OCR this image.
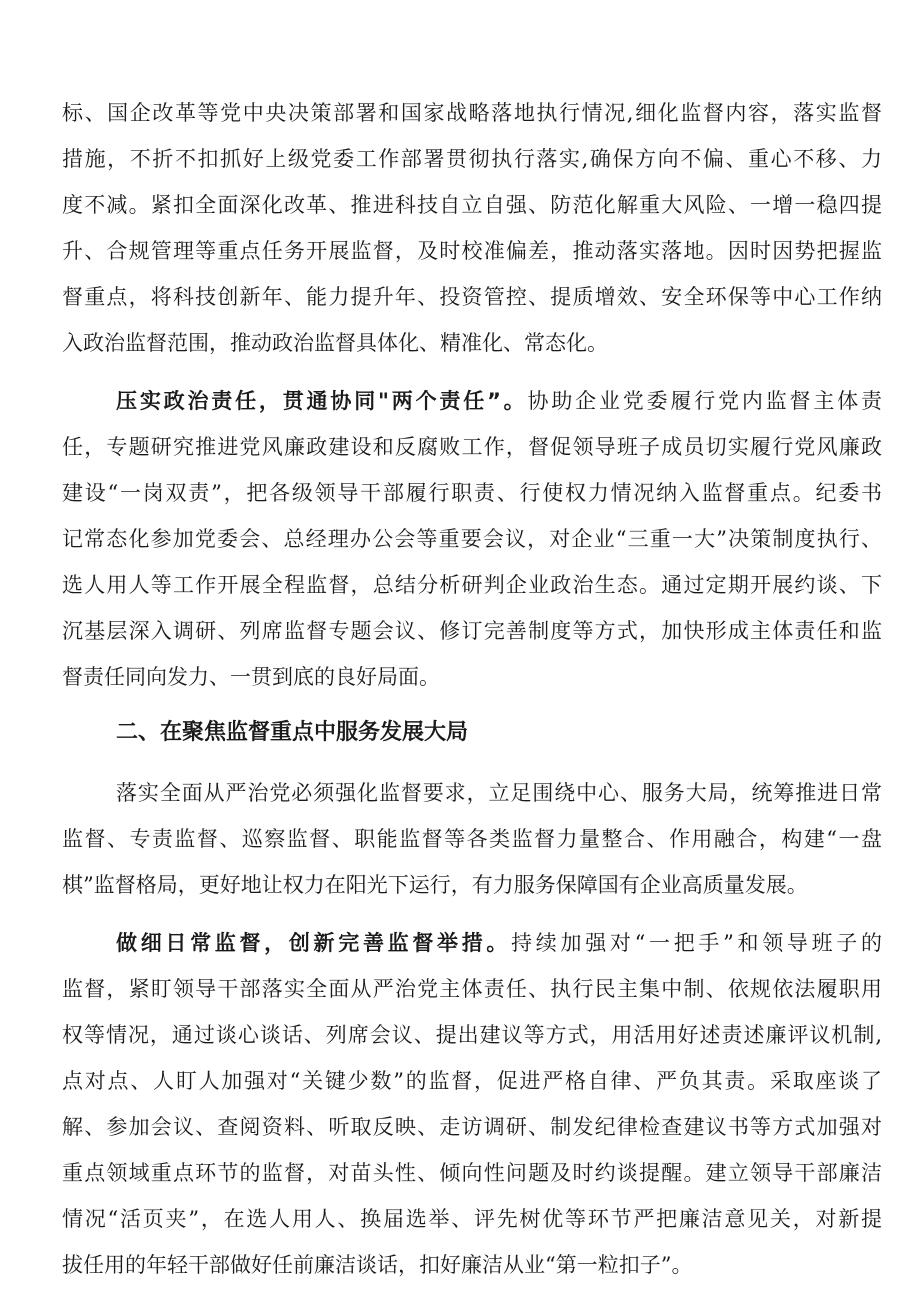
标、国企改革等党中央决策部署和国家战略落地执行情况,细化监督内容，落实监督
措施，不折不扣抓好上级党委工作部署贯彻执行落实,确保方向不偏、重心不移、力
度不减。紧扣全面深化改革、推进科技自立自强、防范化解重大风险、一增一稳四提
升、合规管理等重点任务开展监督，及时校准偏差，推动落实落地。因时因势把握监
督重点，将科技创新年、能力提升年、投资管控、提质增效、安全环保等中心工作纳
入政治监督范围，推动政治监督具体化、精准化、常态化。
压实政治责任，贯通协同"两个责任”。协助企业党委履行党内监督主体责
任，专题研究推进党风廉政建设和反腐败工作，督促领导班子成员切实履行党风廉政
建设“一岗双责”，把各级领导干部履行职责、行使权力情况纳入监督重点。纪委书
记常态化参加党委会、总经理办公会等重要会议，对企业“三重一大”决策制度执行、
选人用人等工作开展全程监督，总结分析研判企业政治生态。通过定期开展约谈、下
沉基层深入调研、列席监督专题会议、修订完善制度等方式，加快形成主体责任和监
督责任同向发力、一贯到底的良好局面。
二、在聚焦监督重点中服务发展大局
落实全面从严治党必须强化监督要求，立足围绕中心、服务大局，统筹推进日常
监督、专责监督、巡察监督、职能监督等各类监督力量整合、作用融合，构建“一盘
棋”监督格局，更好地让权力在阳光下运行，有力服务保障国有企业高质量发展。
做细日常监督，创新完善监督举措。持续加强对“一把手”和领导班子的
监督，紧盯领导干部落实全面从严治党主体责任、执行民主集中制、依规依法履职用
权等情况，通过谈心谈话、列席会议、提出建议等方式，用活用好述责述廉评议机制,
点对点、人盯人加强对“关键少数”的监督，促进严格自律、严负其责。采取座谈了
解、参加会议、查阅资料、听取反映、走访调研、制发纪律检查建议书等方式加强对
重点领域重点环节的监督，对苗头性、倾向性问题及时约谈提醒。建立领导干部廉洁
情况“活页夹”，在选人用人、换届选举、评先树优等环节严把廉洁意见关，对新提
拔任用的年轻干部做好任前廉洁谈话，扣好廉洁从业“第一粒扣子”。
